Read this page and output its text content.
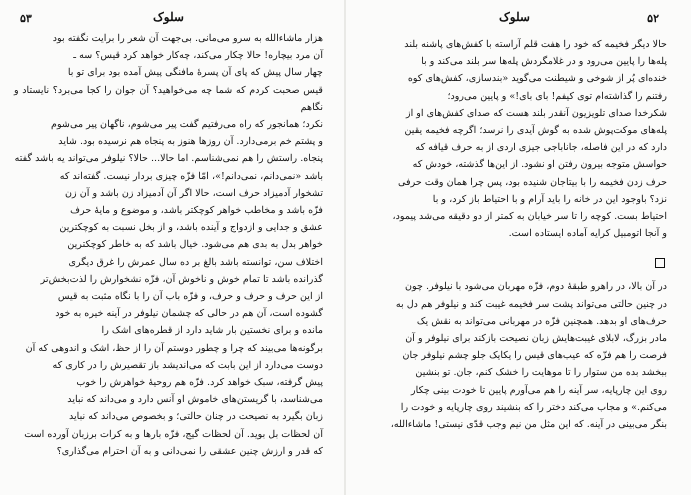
۵۳	سلوک

هزار ماشاءالله به سرو می‌مانی. بی‌جهت آن شعر را برایت نگفته بود

آن مرد بیچاره! حالا چکار می‌کند، چه‌کار خواهد کرد قیس؟ سه ـ

چهار سال پیش که پای آن پسرهٔ مافنگی پیش آمده بود برای تو با

قیس صحبت کردم که شما چه می‌خواهید؟ آن جوان را کجا می‌برد؟ نایستاد و نگاهم

نکرد؛ همانجور که راه می‌رفتیم گفت پیر می‌شوم، ناگهان پیر می‌شوم

و پشتم خم برمی‌دارد. آن روزها هنوز به پنجاه هم نرسیده بود. شاید

پنجاه. راستش را هم نمی‌شناسم. اما حالا... حالا؟ نیلوفر می‌تواند یه باشد گفته

باشد «نمی‌دانم، نمی‌دانم!»، امّا فزّه چیزی بردار نیست. گفته‌اند که

تشخوار آدمیزاد حرف است، حالا اگر آن آدمیزاد زن باشد و آن زن

فزّه باشد و مخاطب خواهر کوچکتر باشد، و موضوع و مایهٔ حرف

عشق و جدایی و ازدواج و آینده باشد، و از بخل نسبت به کوچکترین

خواهر بدل به بدی هم می‌شود. خیال باشد که به خاطر کوچکترین

اختلاف سن، توانسته باشد بالغ بر ده سال عمرش را غرق دیگری

گذرانده باشد تا تمام خوش و ناخوش آن، فزّه نشخوارش را لذت‌بخش‌تر

از این حرف و حرف و حرف، و فزّه باب آن را با نگاه مثبت به قیس

گشوده است، آن هم در حالی که چشمان نیلوفر در آینه خیره به خود

مانده و برای نخستین بار شاید دارد از قطره‌های اشک را

برگونه‌ها می‌بیند که چرا و چطور دوستم آن را از حظ، اشک و اندوهی که آن

دوست می‌دارد از این بابت که می‌اندیشد باز تقصیرش را در کاری که

پیش گرفته، سبک خواهد کرد. فزّه هم روحیهٔ خواهرش را خوب

می‌شناسد، با گریستن‌های خاموش او آنس دارد و می‌داند که نباید

زبان بگیرد به نصیحت در چنان حالتی؛ و بخصوص می‌داند که نباید

آن لحظات بل بوید. آن لحظات گیج، فزّه بارها و به کرات برزبان آورده است

که قدر و ارزش چنین عشقی را نمی‌دانی و به آن احترام می‌گذاری؟

سلوک	۵۲

حالا دیگر فخیمه که خود را هفت قلم آراسته با کفش‌های پاشنه بلند

پله‌ها را پایین می‌رود و در غلامگردش پله‌ها سر بلند می‌کند و با

خنده‌ای پُر از شوخی و شیطنت می‌گوید «بندسازی، کفش‌های کوه

رفتنم را گذاشته‌ام توی کیفم! بای بای!» و پایین می‌رود؛

شکرخدا صدای تلویزیون آنقدر بلند هست که صدای کفش‌های او از

پله‌های موکت‌پوش شده به گوش آیدی را نرسد؛ اگرچه فخیمه یقین

دارد که در این فاصله، جاناباجی جیزی اردی از به حرف قیافه که

حواسش متوجه بیرون رفتن او نشود. از این‌ها گذشته، خودش که

حرف زدن فخیمه را با بیتاجان شنیده بود، پس چرا همان وقت حرفی

نزد؟ باوجود این در خانه را باید آرام و با احتیاط باز کرد، و با

احتیاط بست. کوچه را تا سر خیابان به کمتر از دو دقیقه می‌شد پیمود،

و آنجا اتومبیل کرایه آماده ایستاده است.

در آن بالا، در راهرو طبقهٔ دوم، فزّه مهربان می‌شود با نیلوفر. چون

در چنین حالتی می‌تواند پشت سر فخیمه غیبت کند و نیلوفر هم دل به

حرف‌های او بدهد. همچنین فزّه در مهربانی می‌تواند به نقش یک

مادر بزرگ، لابلای غیبت‌هایش زبان نصیحت بازکند برای نیلوفر و آن

فرصت را هم فزّه که عیب‌های قیس را یکایک جلو چشم نیلوفر جان

ببخشد بده من ستوار را تا موهایت را خشک کنم، جان. تو بنشین

روی این چارپایه، سر آینه را هم می‌آورم پایین تا خودت بینی چکار

می‌کنم.» و مجاب می‌کند دختر را که بنشیند روی چارپایه و خودت را

بنگر می‌بینی در آینه. که این مثل من نیم وجب قدّی نیستی! ماشاءالله،
